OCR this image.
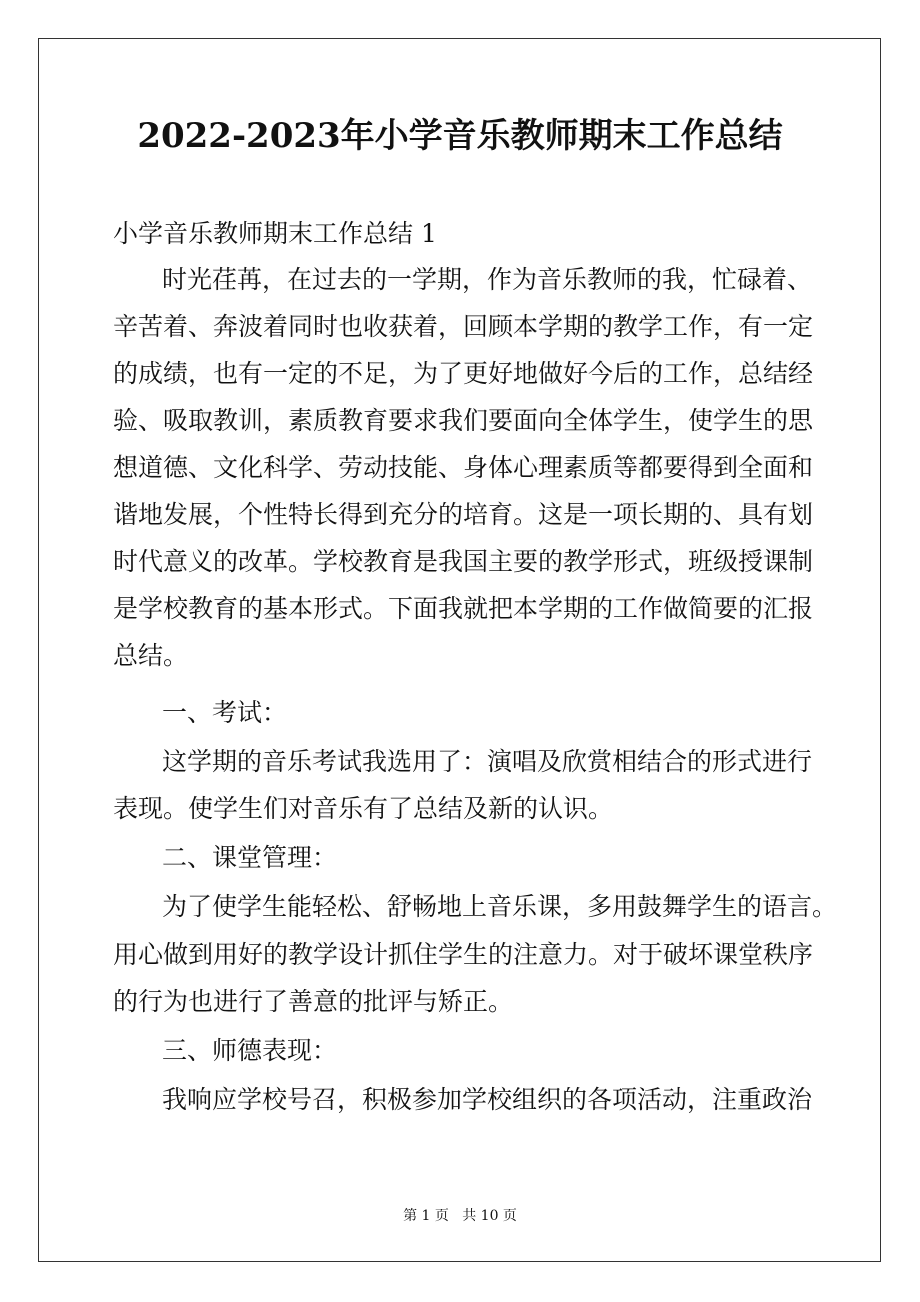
2022-2023年小学音乐教师期末工作总结

小学音乐教师期末工作总结 1

时光荏苒，在过去的一学期，作为音乐教师的我，忙碌着、

辛苦着、奔波着同时也收获着，回顾本学期的教学工作，有一定

的成绩，也有一定的不足，为了更好地做好今后的工作，总结经

验、吸取教训，素质教育要求我们要面向全体学生，使学生的思

想道德、文化科学、劳动技能、身体心理素质等都要得到全面和

谐地发展，个性特长得到充分的培育。这是一项长期的、具有划

时代意义的改革。学校教育是我国主要的教学形式，班级授课制

是学校教育的基本形式。下面我就把本学期的工作做简要的汇报

总结。

一、考试：

这学期的音乐考试我选用了：演唱及欣赏相结合的形式进行

表现。使学生们对音乐有了总结及新的认识。

二、课堂管理：

为了使学生能轻松、舒畅地上音乐课，多用鼓舞学生的语言。

用心做到用好的教学设计抓住学生的注意力。对于破坏课堂秩序

的行为也进行了善意的批评与矫正。

三、师德表现：

我响应学校号召，积极参加学校组织的各项活动，注重政治

第 1 页   共 10 页
